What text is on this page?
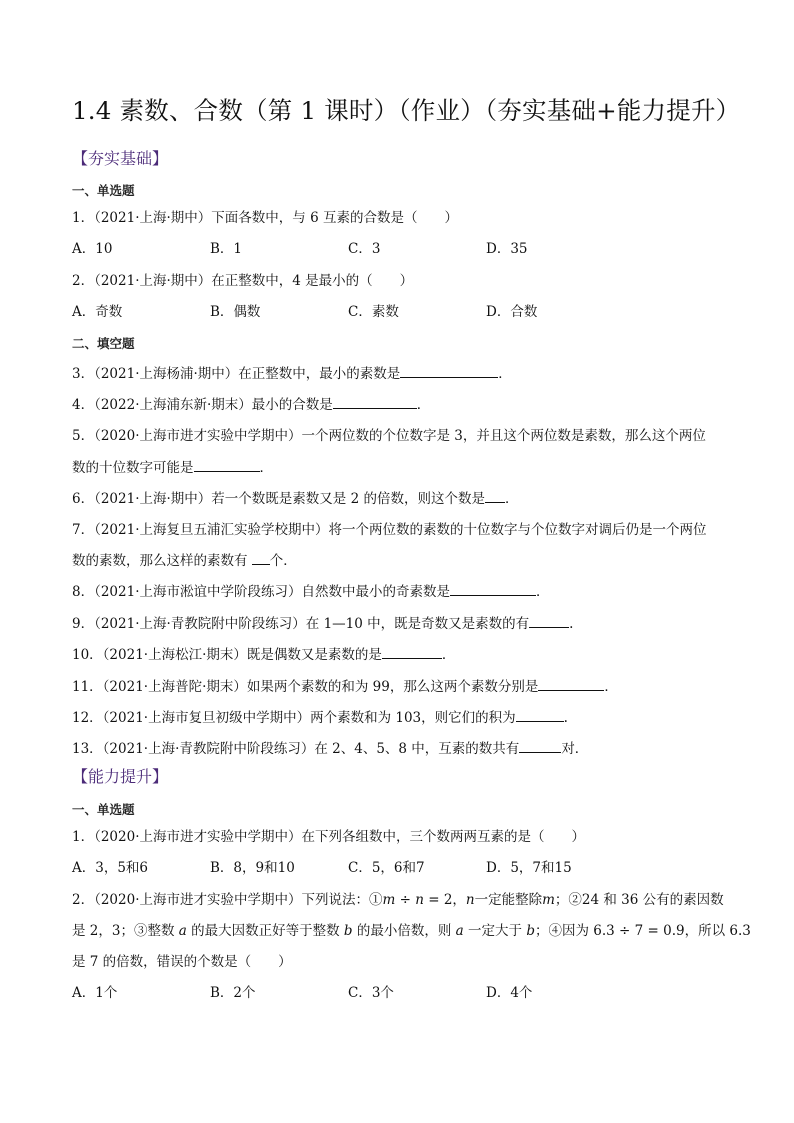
1.4 素数、合数（第 1 课时）（作业）（夯实基础+能力提升）
【夯实基础】
一、单选题
1．（2021·上海·期中）下面各数中，与 6 互素的合数是（　　）
A．10	B．1	C．3	D．35
2．（2021·上海·期中）在正整数中，4 是最小的（　　）
A．奇数	B．偶数	C．素数	D．合数
二、填空题
3．（2021·上海杨浦·期中）在正整数中，最小的素数是	．
4．（2022·上海浦东新·期末）最小的合数是	．
5．（2020·上海市进才实验中学期中）一个两位数的个位数字是 3，并且这个两位数是素数，那么这个两位
数的十位数字可能是	．
6．（2021·上海·期中）若一个数既是素数又是 2 的倍数，则这个数是 ．
7．（2021·上海复旦五浦汇实验学校期中）将一个两位数的素数的十位数字与个位数字对调后仍是一个两位
数的素数，那么这样的素数有 个．
8．（2021·上海市淞谊中学阶段练习）自然数中最小的奇素数是	．
9．（2021·上海·青教院附中阶段练习）在 1—10 中，既是奇数又是素数的有	.
10．（2021·上海松江·期末）既是偶数又是素数的是	．
11．（2021·上海普陀·期末）如果两个素数的和为 99，那么这两个素数分别是	．
12．（2021·上海市复旦初级中学期中）两个素数和为 103，则它们的积为	.
13．（2021·上海·青教院附中阶段练习）在 2、4、5、8 中，互素的数共有	对．
【能力提升】
一、单选题
1．（2020·上海市进才实验中学期中）在下列各组数中，三个数两两互素的是（　　）
A．3，5和6	B．8，9和10	C．5，6和7	D．5，7和15
2．（2020·上海市进才实验中学期中）下列说法：①m ÷ n = 2，n一定能整除m；②24 和 36 公有的素因数
是 2，3；③整数 a 的最大因数正好等于整数 b 的最小倍数，则 a 一定大于 b；④因为 6.3 ÷ 7 = 0.9，所以 6.3
是 7 的倍数，错误的个数是（　　）
A．1个	B．2个	C．3个	D．4个
